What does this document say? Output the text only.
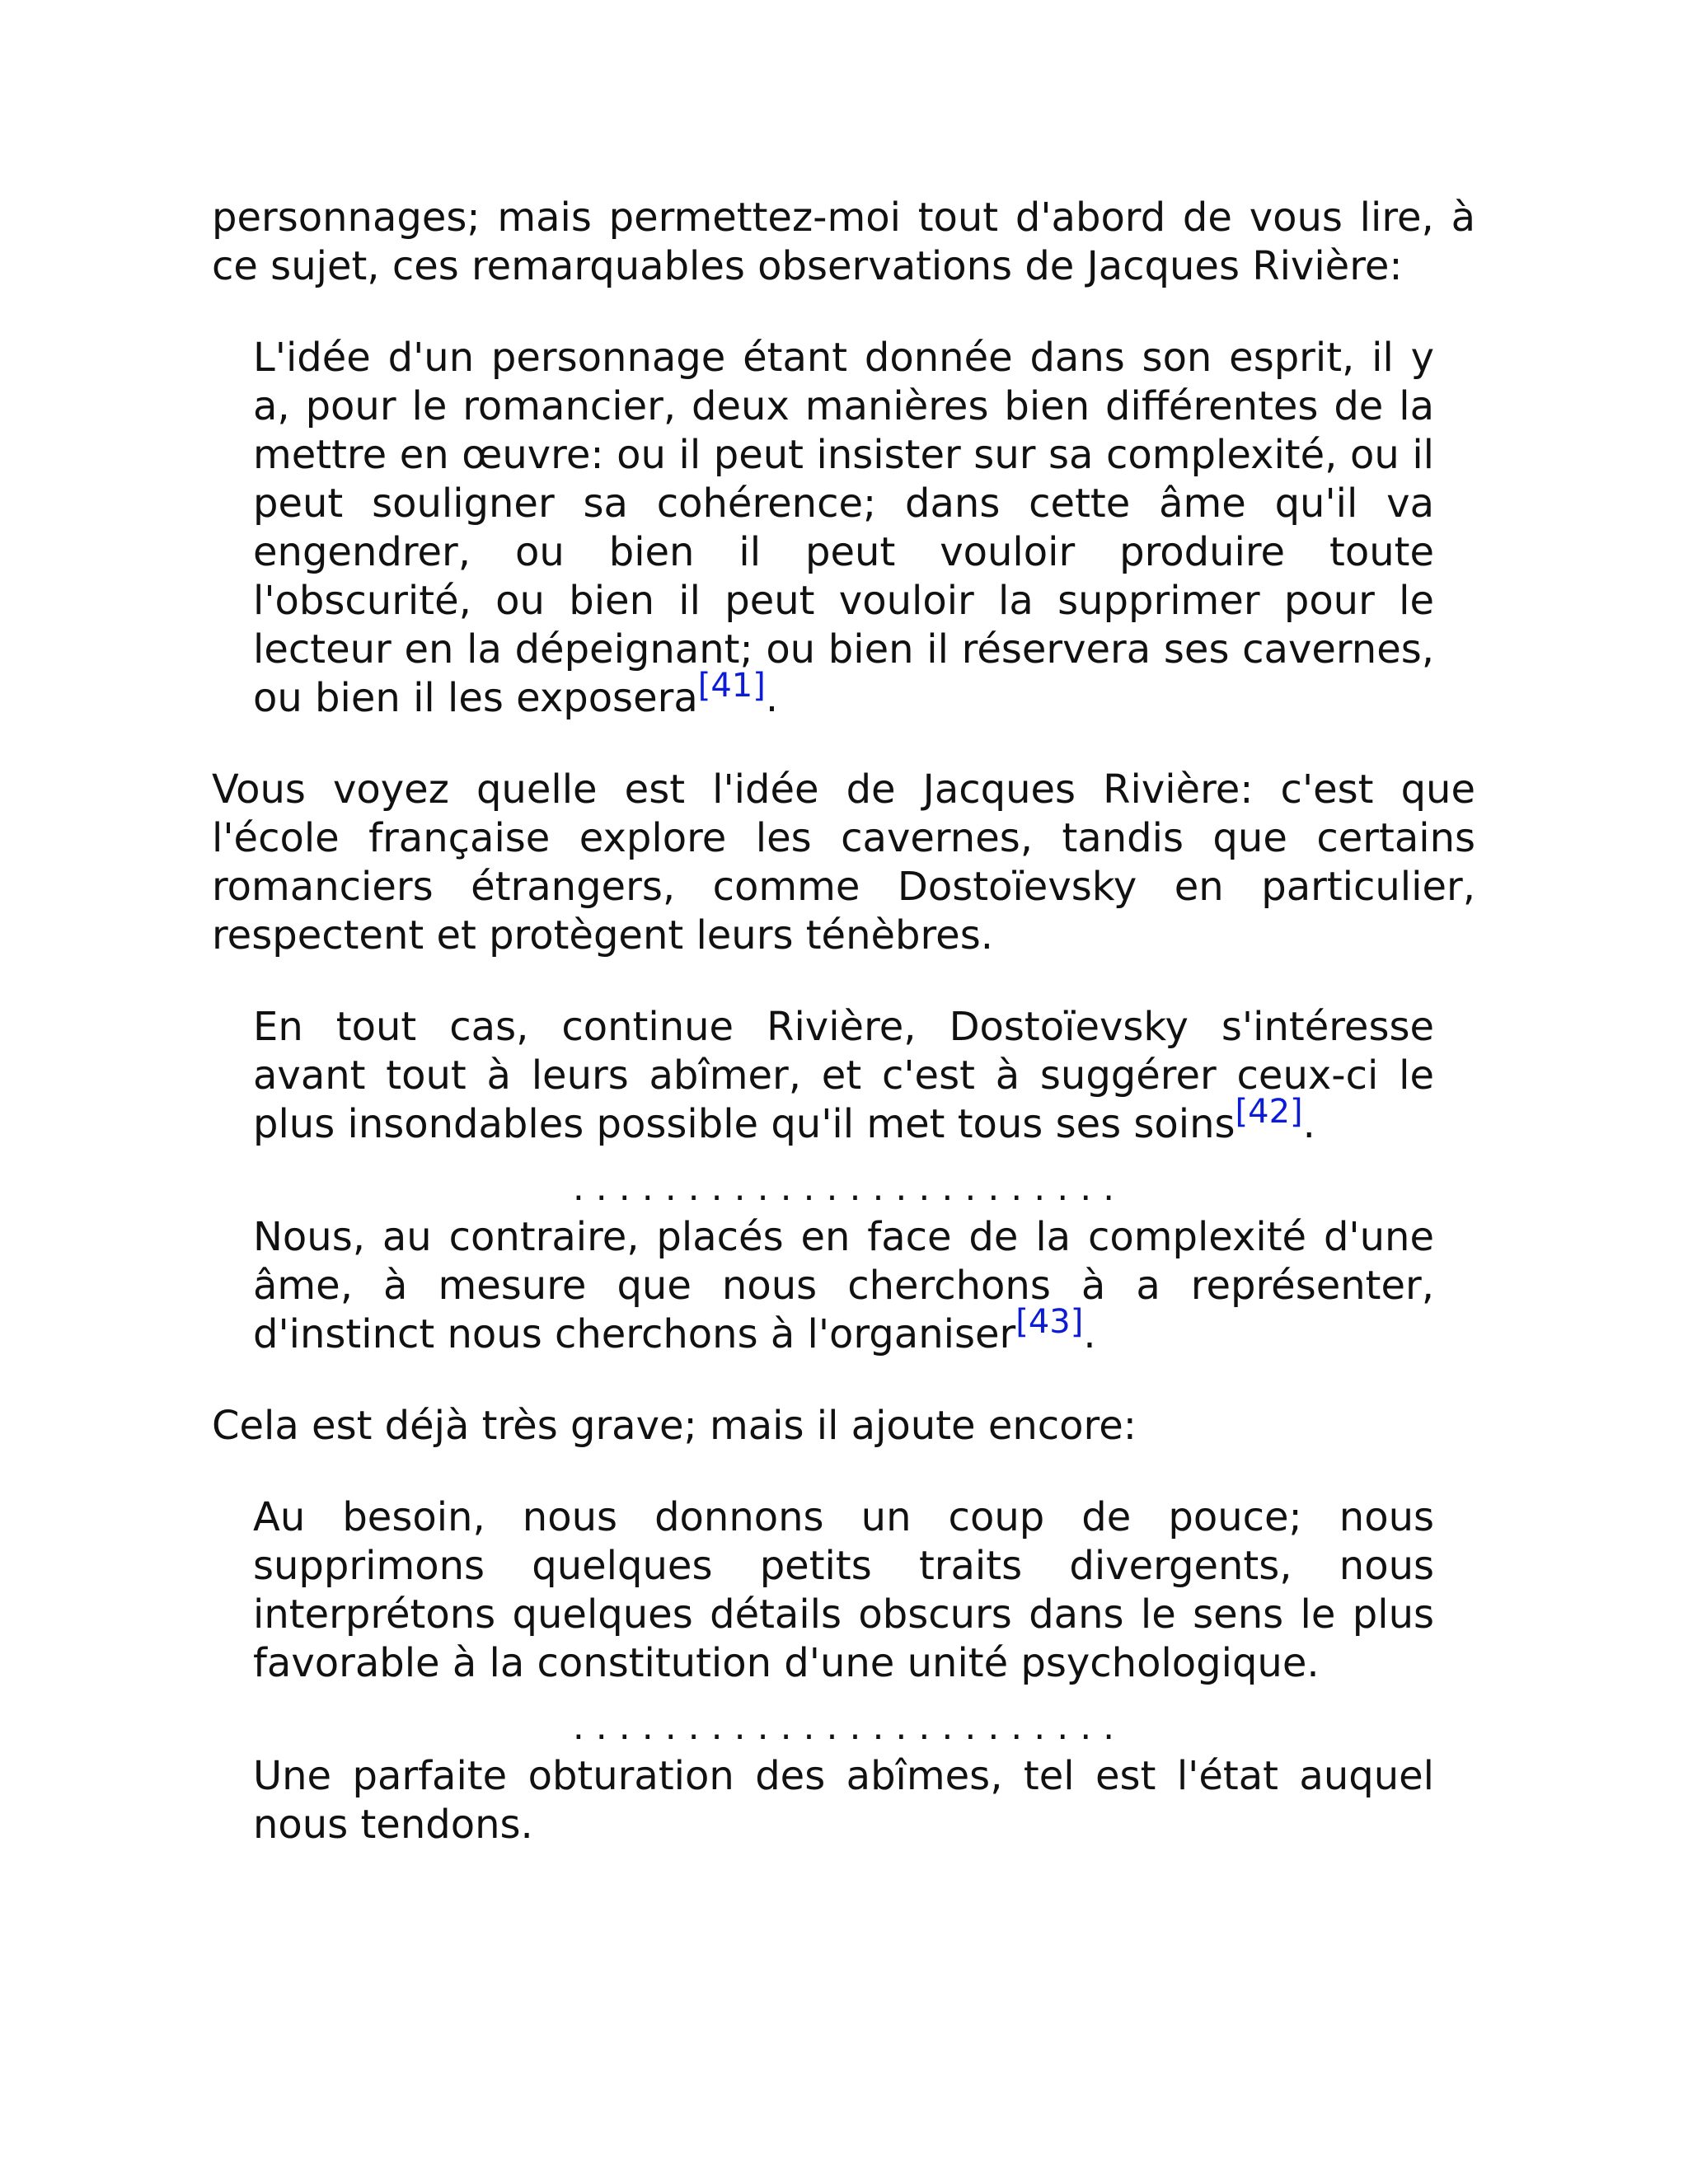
personnages; mais permettez-moi tout d'abord de vous lire, à ce sujet, ces remarquables observations de Jacques Rivière:

L'idée d'un personnage étant donnée dans son esprit, il y a, pour le romancier, deux manières bien différentes de la mettre en œuvre: ou il peut insister sur sa complexité, ou il peut souligner sa cohérence; dans cette âme qu'il va engendrer, ou bien il peut vouloir produire toute l'obscurité, ou bien il peut vouloir la supprimer pour le lecteur en la dépeignant; ou bien il réservera ses cavernes, ou bien il les exposera[41].

Vous voyez quelle est l'idée de Jacques Rivière: c'est que l'école française explore les cavernes, tandis que certains romanciers étrangers, comme Dostoïevsky en particulier, respectent et protègent leurs ténèbres.

En tout cas, continue Rivière, Dostoïevsky s'intéresse avant tout à leurs abîmer, et c'est à suggérer ceux-ci le plus insondables possible qu'il met tous ses soins[42].

. . . . . . . . . . . . . . . . . . . . . . . .

Nous, au contraire, placés en face de la complexité d'une âme, à mesure que nous cherchons à a représenter, d'instinct nous cherchons à l'organiser[43].

Cela est déjà très grave; mais il ajoute encore:

Au besoin, nous donnons un coup de pouce; nous supprimons quelques petits traits divergents, nous interprétons quelques détails obscurs dans le sens le plus favorable à la constitution d'une unité psychologique.

. . . . . . . . . . . . . . . . . . . . . . . .

Une parfaite obturation des abîmes, tel est l'état auquel nous tendons.
